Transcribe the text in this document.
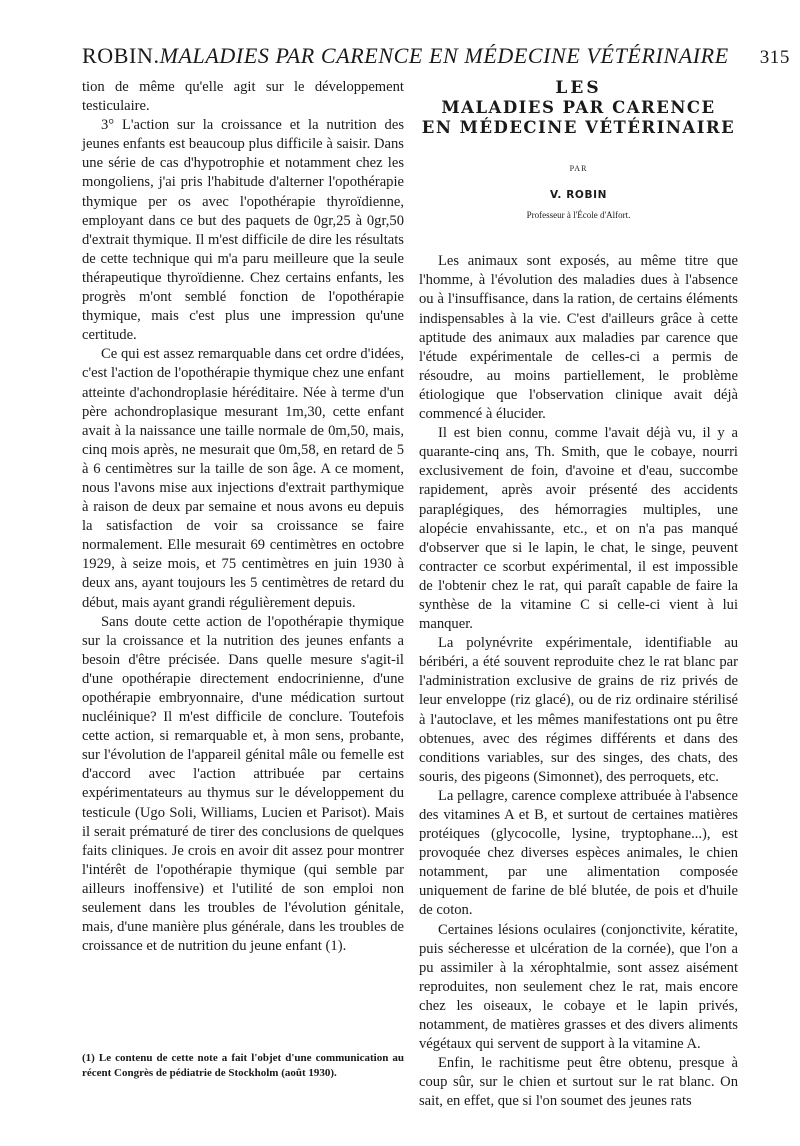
ROBIN.MALADIES PAR CARENCE EN MÉDECINE VÉTÉRINAIRE 315

tion de même qu'elle agit sur le développement testiculaire.

3° L'action sur la croissance et la nutrition des jeunes enfants est beaucoup plus difficile à saisir. Dans une série de cas d'hypotrophie et notamment chez les mongoliens, j'ai pris l'habitude d'alterner l'opothérapie thymique per os avec l'opothérapie thyroïdienne, employant dans ce but des paquets de 0gr,25 à 0gr,50 d'extrait thymique. Il m'est difficile de dire les résultats de cette technique qui m'a paru meilleure que la seule thérapeutique thyroïdienne. Chez certains enfants, les progrès m'ont semblé fonction de l'opothérapie thymique, mais c'est plus une impression qu'une certitude.

Ce qui est assez remarquable dans cet ordre d'idées, c'est l'action de l'opothérapie thymique chez une enfant atteinte d'achondroplasie héréditaire. Née à terme d'un père achondroplasique mesurant 1m,30, cette enfant avait à la naissance une taille normale de 0m,50, mais, cinq mois après, ne mesurait que 0m,58, en retard de 5 à 6 centimètres sur la taille de son âge. A ce moment, nous l'avons mise aux injections d'extrait parthymique à raison de deux par semaine et nous avons eu depuis la satisfaction de voir sa croissance se faire normalement. Elle mesurait 69 centimètres en octobre 1929, à seize mois, et 75 centimètres en juin 1930 à deux ans, ayant toujours les 5 centimètres de retard du début, mais ayant grandi régulièrement depuis.

Sans doute cette action de l'opothérapie thymique sur la croissance et la nutrition des jeunes enfants a besoin d'être précisée. Dans quelle mesure s'agit-il d'une opothérapie directement endocrinienne, d'une opothérapie embryonnaire, d'une médication surtout nucléinique? Il m'est difficile de conclure. Toutefois cette action, si remarquable et, à mon sens, probante, sur l'évolution de l'appareil génital mâle ou femelle est d'accord avec l'action attribuée par certains expérimentateurs au thymus sur le développement du testicule (Ugo Soli, Williams, Lucien et Parisot). Mais il serait prématuré de tirer des conclusions de quelques faits cliniques. Je crois en avoir dit assez pour montrer l'intérêt de l'opothérapie thymique (qui semble par ailleurs inoffensive) et l'utilité de son emploi non seulement dans les troubles de l'évolution génitale, mais, d'une manière plus générale, dans les troubles de croissance et de nutrition du jeune enfant (1).

(1) Le contenu de cette note a fait l'objet d'une communication au récent Congrès de pédiatrie de Stockholm (août 1930).
LES
MALADIES PAR CARENCE
EN MÉDECINE VÉTÉRINAIRE
PAR
V. ROBIN
Professeur à l'École d'Alfort.

Les animaux sont exposés, au même titre que l'homme, à l'évolution des maladies dues à l'absence ou à l'insuffisance, dans la ration, de certains éléments indispensables à la vie. C'est d'ailleurs grâce à cette aptitude des animaux aux maladies par carence que l'étude expérimentale de celles-ci a permis de résoudre, au moins partiellement, le problème étiologique que l'observation clinique avait déjà commencé à élucider.

Il est bien connu, comme l'avait déjà vu, il y a quarante-cinq ans, Th. Smith, que le cobaye, nourri exclusivement de foin, d'avoine et d'eau, succombe rapidement, après avoir présenté des accidents paraplégiques, des hémorragies multiples, une alopécie envahissante, etc., et on n'a pas manqué d'observer que si le lapin, le chat, le singe, peuvent contracter ce scorbut expérimental, il est impossible de l'obtenir chez le rat, qui paraît capable de faire la synthèse de la vitamine C si celle-ci vient à lui manquer.

La polynévrite expérimentale, identifiable au béribéri, a été souvent reproduite chez le rat blanc par l'administration exclusive de grains de riz privés de leur enveloppe (riz glacé), ou de riz ordinaire stérilisé à l'autoclave, et les mêmes manifestations ont pu être obtenues, avec des régimes différents et dans des conditions variables, sur des singes, des chats, des souris, des pigeons (Simonnet), des perroquets, etc.

La pellagre, carence complexe attribuée à l'absence des vitamines A et B, et surtout de certaines matières protéiques (glycocolle, lysine, tryptophane...), est provoquée chez diverses espèces animales, le chien notamment, par une alimentation composée uniquement de farine de blé blutée, de pois et d'huile de coton.

Certaines lésions oculaires (conjonctivite, kératite, puis sécheresse et ulcération de la cornée), que l'on a pu assimiler à la xérophtalmie, sont assez aisément reproduites, non seulement chez le rat, mais encore chez les oiseaux, le cobaye et le lapin privés, notamment, de matières grasses et des divers aliments végétaux qui servent de support à la vitamine A.

Enfin, le rachitisme peut être obtenu, presque à coup sûr, sur le chien et surtout sur le rat blanc. On sait, en effet, que si l'on soumet des jeunes rats
